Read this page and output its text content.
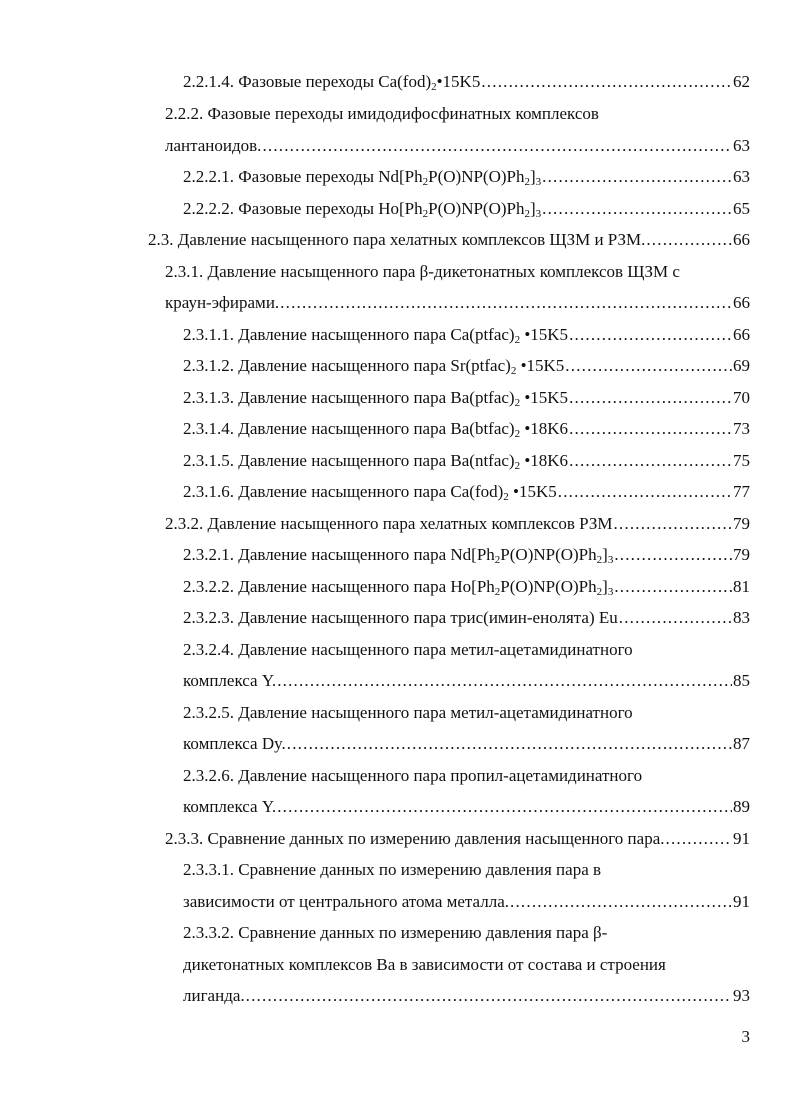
2.2.1.4. Фазовые переходы $Ca(fod)_2•15K5$ .....	62
2.2.2. Фазовые переходы имидодифосфинатных комплексов
лантаноидов. .....	63
2.2.2.1. Фазовые переходы $Nd[Ph_2P(O)NP(O)Ph_2]_3$ .....	63
2.2.2.2. Фазовые переходы $Ho[Ph_2P(O)NP(O)Ph_2]_3$ .....	65
2.3. Давление насыщенного пара хелатных комплексов ЩЗМ и РЗМ. .....	66
2.3.1. Давление насыщенного пара β-дикетонатных комплексов ЩЗМ с
краун-эфирами. .....	66
2.3.1.1. Давление насыщенного пара $Ca(ptfac)_2$ •15K5 .....	66
2.3.1.2. Давление насыщенного пара $Sr(ptfac)_2$ •15K5 .....	69
2.3.1.3. Давление насыщенного пара $Ba(ptfac)_2$ •15K5 .....	70
2.3.1.4. Давление насыщенного пара $Ba(btfac)_2$ •18K6 .....	73
2.3.1.5. Давление насыщенного пара $Ba(ntfac)_2$ •18K6 .....	75
2.3.1.6. Давление насыщенного пара $Ca(fod)_2$ •15K5 .....	77
2.3.2. Давление насыщенного пара хелатных комплексов РЗМ .....	79
2.3.2.1. Давление насыщенного пара $Nd[Ph_2P(O)NP(O)Ph_2]_3$ .....	79
2.3.2.2. Давление насыщенного пара $Ho[Ph_2P(O)NP(O)Ph_2]_3$ .....	81
2.3.2.3. Давление насыщенного пара трис(имин-енолята) Eu .....	83
2.3.2.4. Давление насыщенного пара метил-ацетамидинатного
комплекса Y. .....	85
2.3.2.5. Давление насыщенного пара метил-ацетамидинатного
комплекса Dy. .....	87
2.3.2.6. Давление насыщенного пара пропил-ацетамидинатного
комплекса Y. .....	89
2.3.3. Сравнение данных по измерению давления насыщенного пара. .....	91
2.3.3.1. Сравнение данных по измерению давления пара в
зависимости от центрального атома металла. .....	91
2.3.3.2. Сравнение данных по измерению давления пара β-
дикетонатных комплексов Ba в зависимости от состава и строения
лиганда. .....	93
3
